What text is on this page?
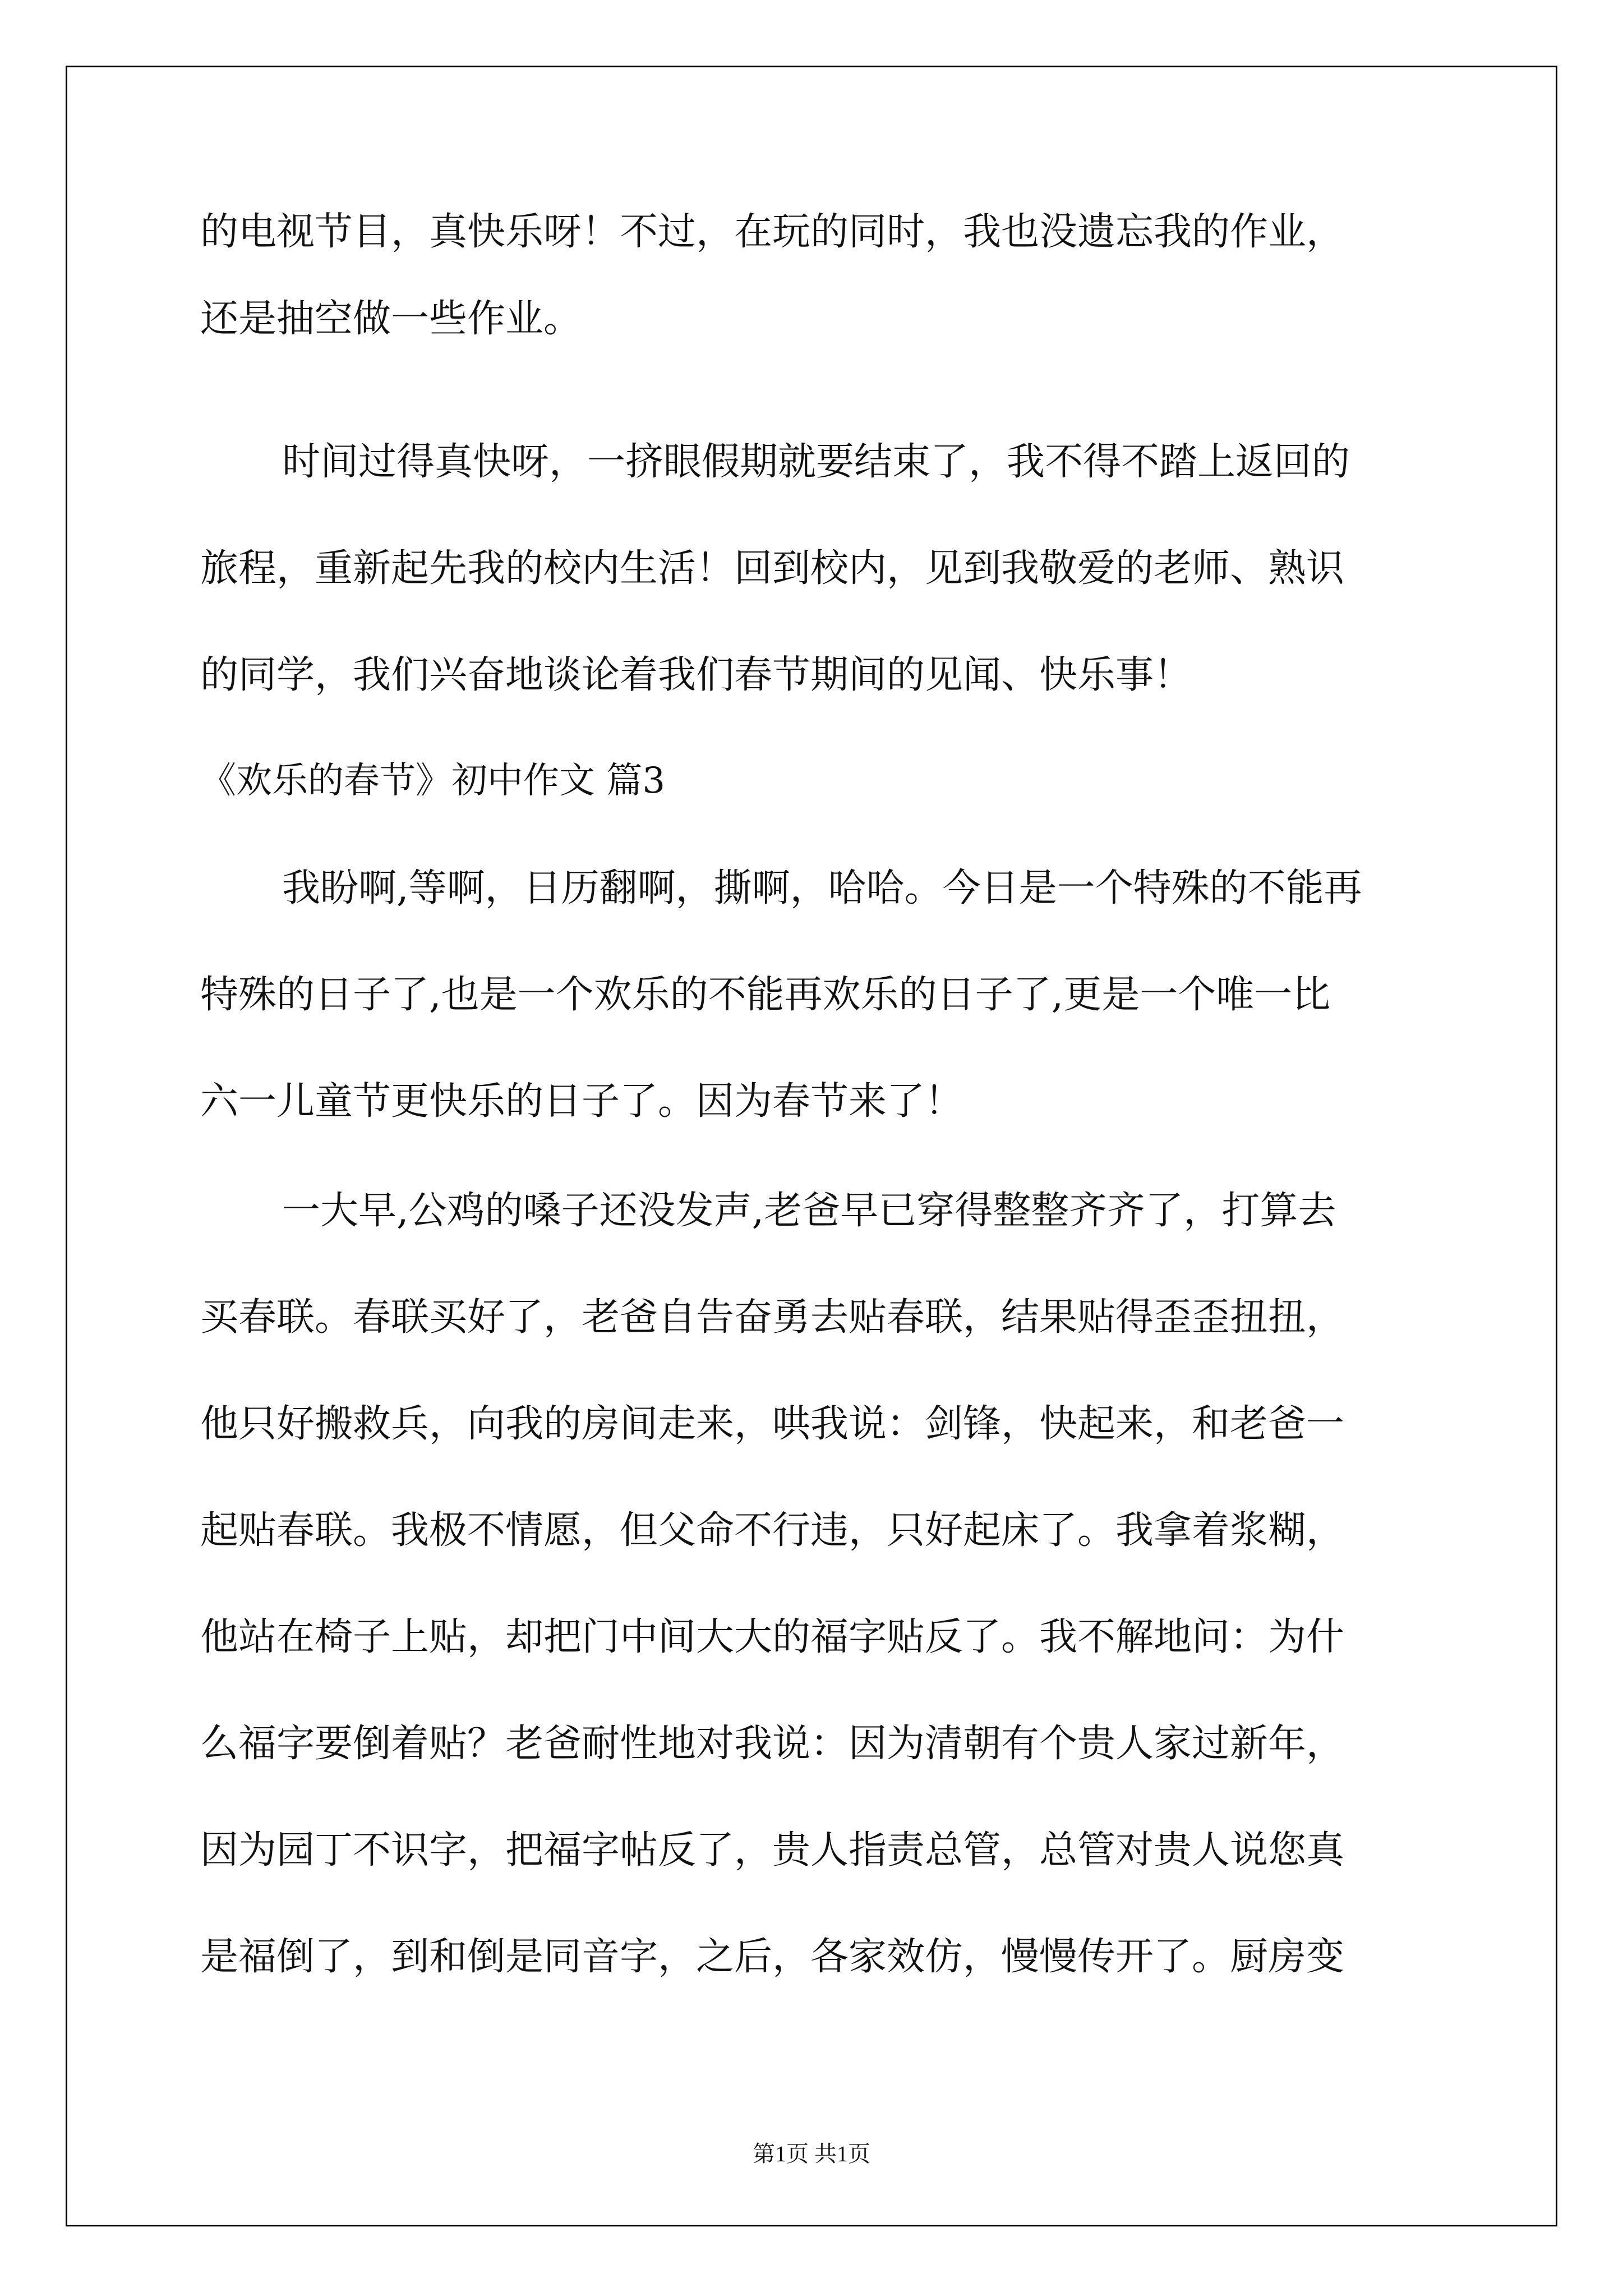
的电视节目，真快乐呀！不过，在玩的同时，我也没遗忘我的作业，

还是抽空做一些作业。

时间过得真快呀，一挤眼假期就要结束了，我不得不踏上返回的

旅程，重新起先我的校内生活！回到校内，见到我敬爱的老师、熟识

的同学，我们兴奋地谈论着我们春节期间的见闻、快乐事！

《欢乐的春节》初中作文 篇3

我盼啊,等啊，日历翻啊，撕啊，哈哈。今日是一个特殊的不能再

特殊的日子了,也是一个欢乐的不能再欢乐的日子了,更是一个唯一比

六一儿童节更快乐的日子了。因为春节来了！

一大早,公鸡的嗓子还没发声,老爸早已穿得整整齐齐了，打算去

买春联。春联买好了，老爸自告奋勇去贴春联，结果贴得歪歪扭扭，

他只好搬救兵，向我的房间走来，哄我说：剑锋，快起来，和老爸一

起贴春联。我极不情愿，但父命不行违，只好起床了。我拿着浆糊，

他站在椅子上贴，却把门中间大大的福字贴反了。我不解地问：为什

么福字要倒着贴？老爸耐性地对我说：因为清朝有个贵人家过新年，

因为园丁不识字，把福字帖反了，贵人指责总管，总管对贵人说您真

是福倒了，到和倒是同音字，之后，各家效仿，慢慢传开了。厨房变

第1页 共1页
